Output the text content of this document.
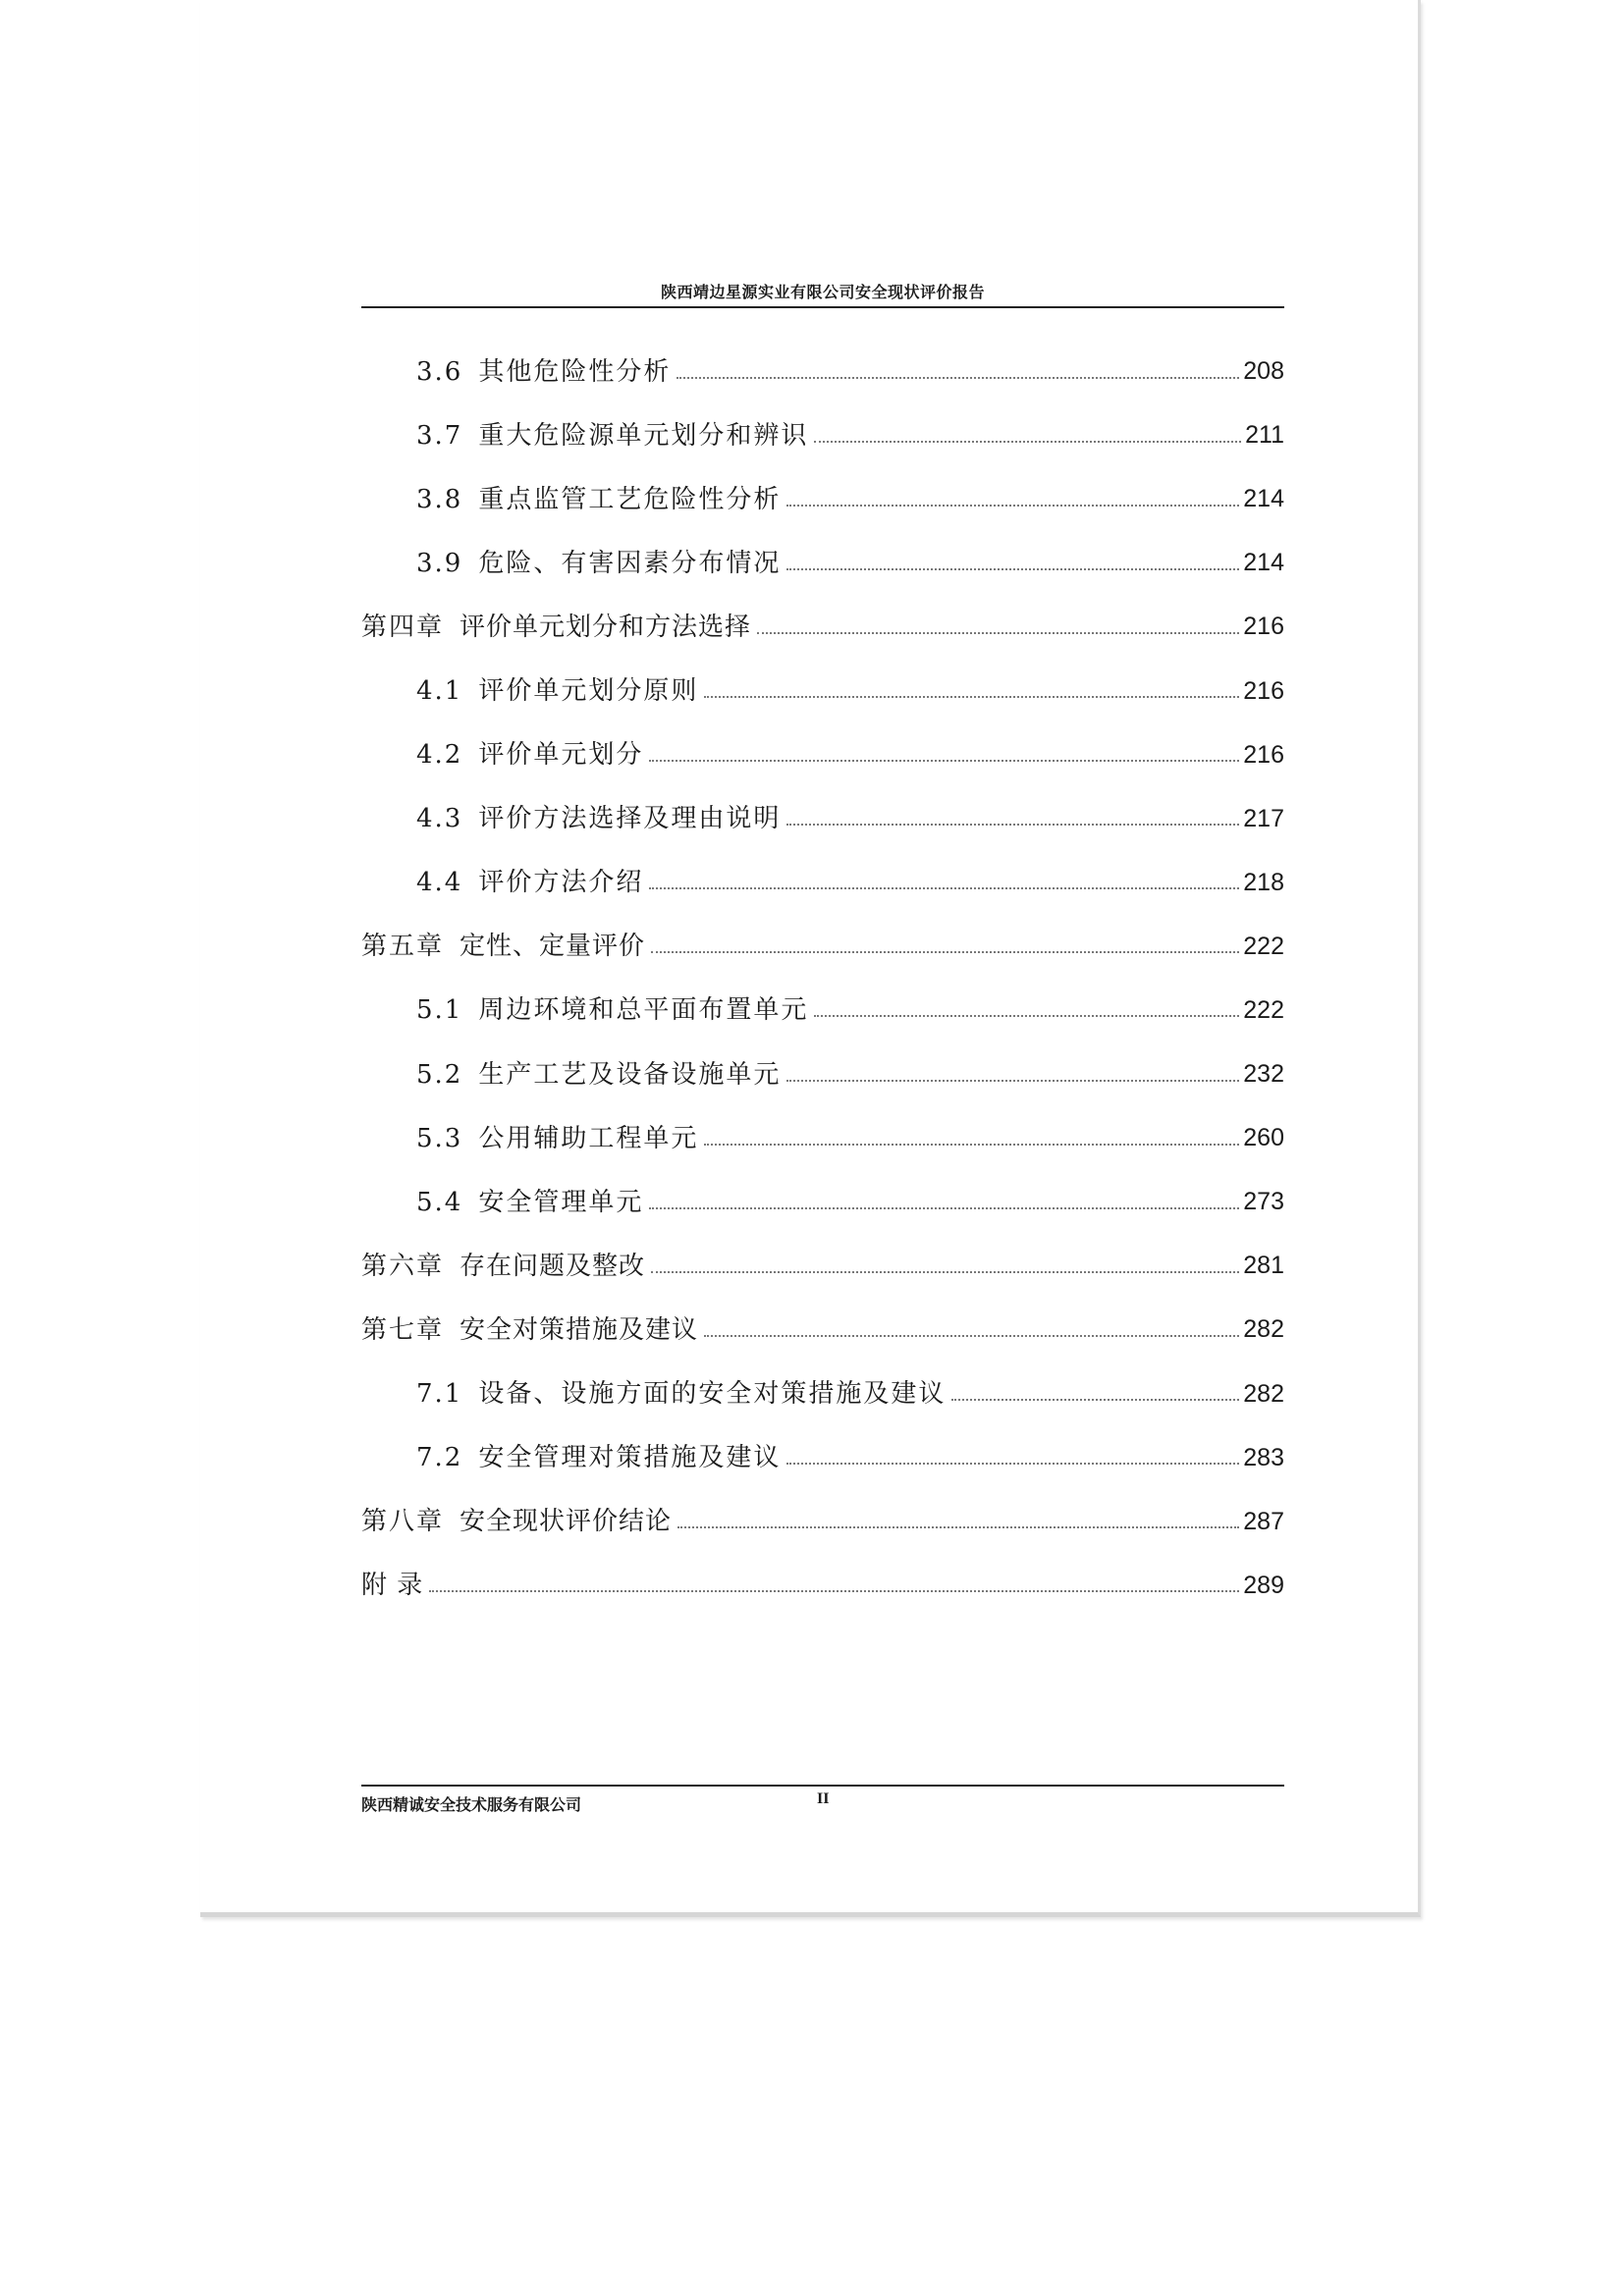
陕西靖边星源实业有限公司安全现状评价报告
3.6 其他危险性分析	208
3.7 重大危险源单元划分和辨识	211
3.8 重点监管工艺危险性分析	214
3.9 危险、有害因素分布情况	214
第四章 评价单元划分和方法选择	216
4.1 评价单元划分原则	216
4.2 评价单元划分	216
4.3 评价方法选择及理由说明	217
4.4 评价方法介绍	218
第五章 定性、定量评价	222
5.1 周边环境和总平面布置单元	222
5.2 生产工艺及设备设施单元	232
5.3 公用辅助工程单元	260
5.4 安全管理单元	273
第六章 存在问题及整改	281
第七章 安全对策措施及建议	282
7.1 设备、设施方面的安全对策措施及建议	282
7.2 安全管理对策措施及建议	283
第八章 安全现状评价结论	287
附 录	289
陕西精诚安全技术服务有限公司	II
